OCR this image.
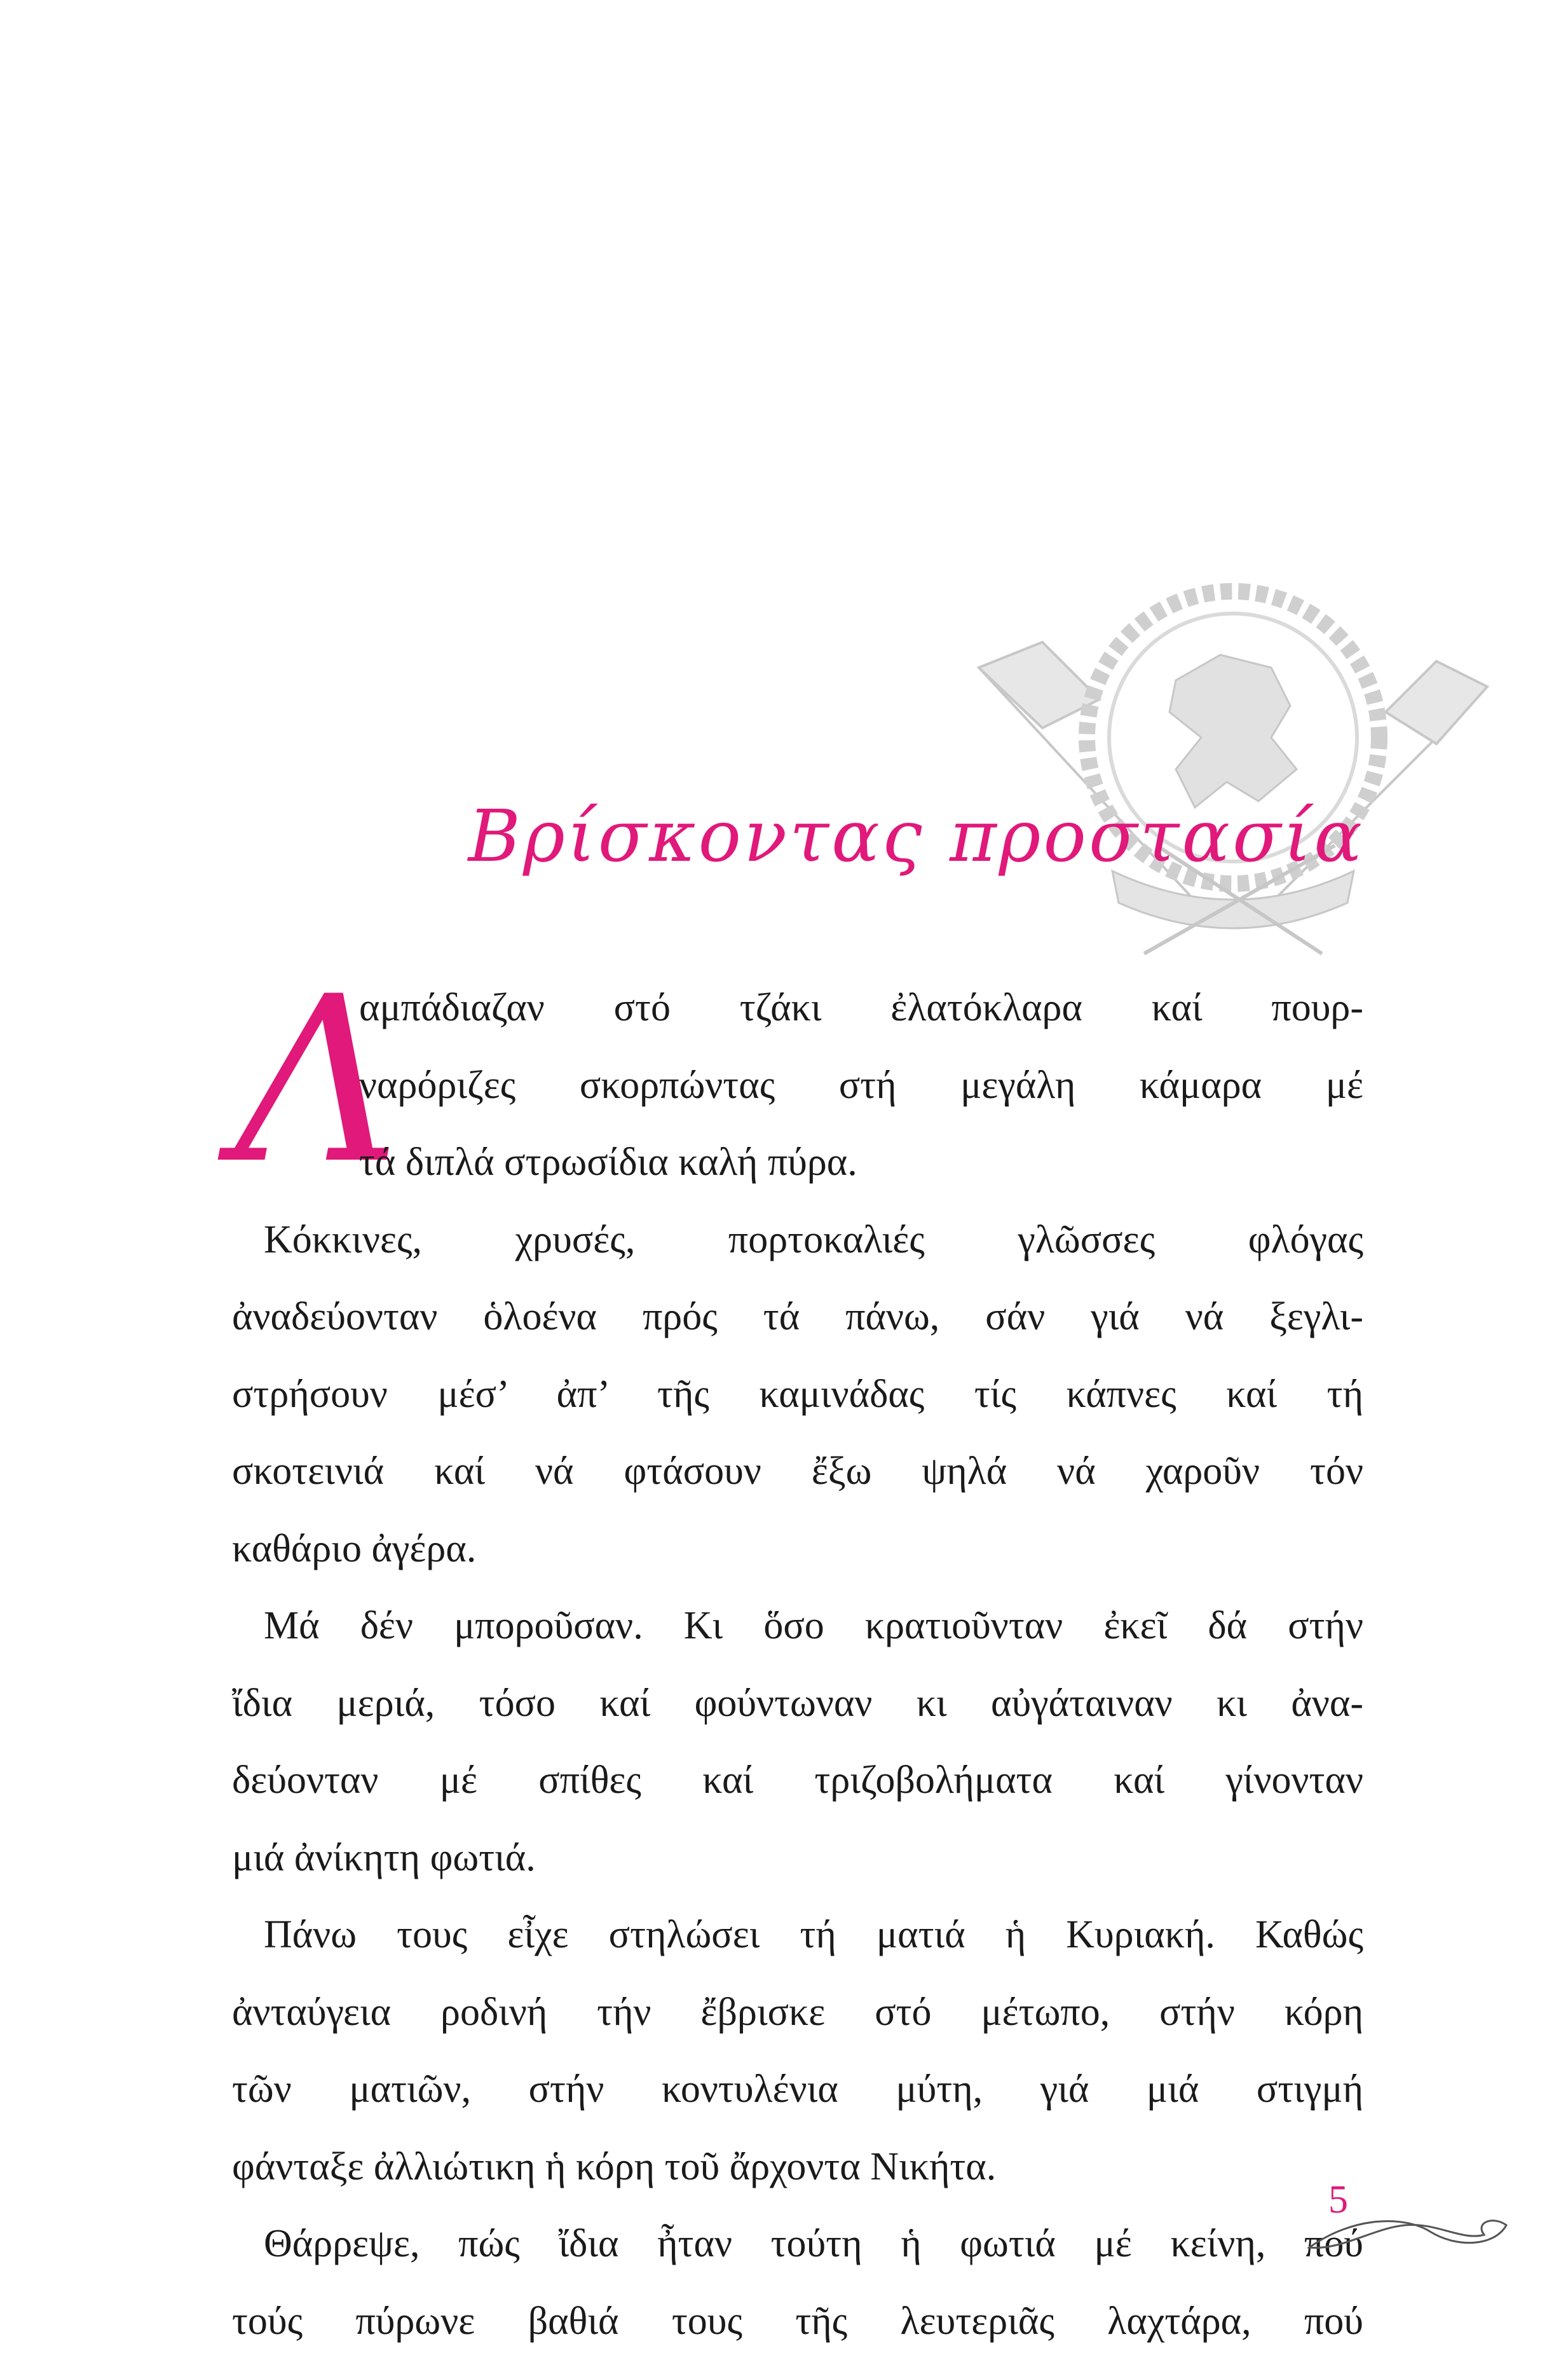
Βρίσκοντας προστασία
Λ
αμπάδιαζαν στό τζάκι ἐλατόκλαρα καί πουρ-
ναρόριζες σκορπώντας στή μεγάλη κάμαρα μέ
τά διπλά στρωσίδια καλή πύρα.
Κόκκινες, χρυσές, πορτοκαλιές γλῶσσες φλόγας
ἀναδεύονταν ὁλοένα πρός τά πάνω, σάν γιά νά ξεγλι-
στρήσουν μέσ’ ἀπ’ τῆς καμινάδας τίς κάπνες καί τή
σκοτεινιά καί νά φτάσουν ἔξω ψηλά νά χαροῦν τόν
καθάριο ἀγέρα.
Μά δέν μποροῦσαν. Κι ὅσο κρατιοῦνταν ἐκεῖ δά στήν
ἴδια μεριά, τόσο καί φούντωναν κι αὐγάταιναν κι ἀνα-
δεύονταν μέ σπίθες καί τριζοβολήματα καί γίνονταν
μιά ἀνίκητη φωτιά.
Πάνω τους εἶχε στηλώσει τή ματιά ἡ Κυριακή. Καθώς
ἀνταύγεια ροδινή τήν ἔβρισκε στό μέτωπο, στήν κόρη
τῶν ματιῶν, στήν κοντυλένια μύτη, γιά μιά στιγμή
φάνταξε ἀλλιώτικη ἡ κόρη τοῦ ἄρχοντα Νικήτα.
Θάρρεψε, πώς ἴδια ἦταν τούτη ἡ φωτιά μέ κείνη, πού
τούς πύρωνε βαθιά τους τῆς λευτεριᾶς λαχτάρα, πού
5
